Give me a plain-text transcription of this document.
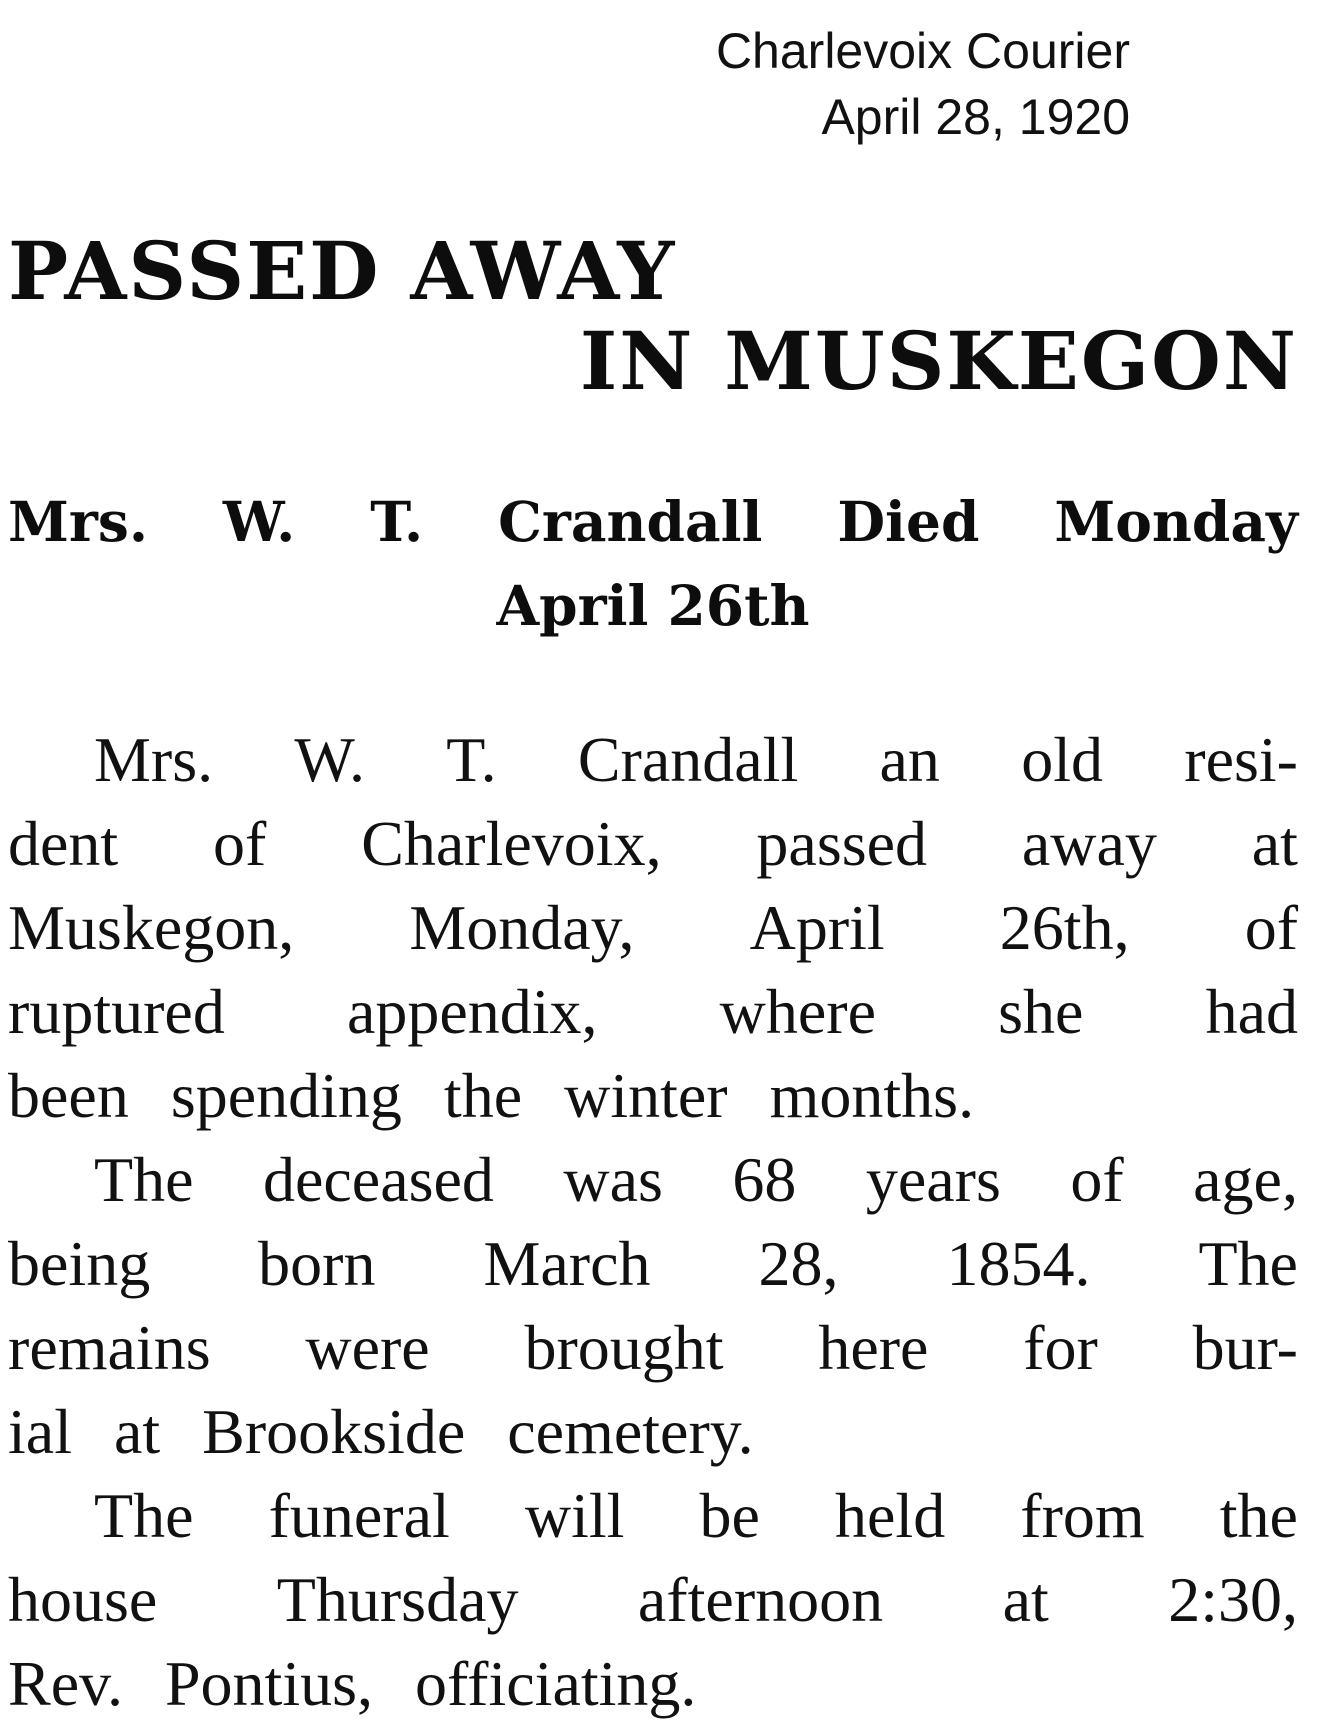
Charlevoix Courier
April 28, 1920
PASSED AWAY
IN MUSKEGON
Mrs. W. T. Crandall Died Monday
April 26th
Mrs. W. T. Crandall an old resi-
dent of Charlevoix, passed away at
Muskegon, Monday, April 26th, of
ruptured appendix, where she had
been spending the winter months.
The deceased was 68 years of age,
being born March 28, 1854. The
remains were brought here for bur-
ial at Brookside cemetery.
The funeral will be held from the
house Thursday afternoon at 2:30,
Rev. Pontius, officiating.
